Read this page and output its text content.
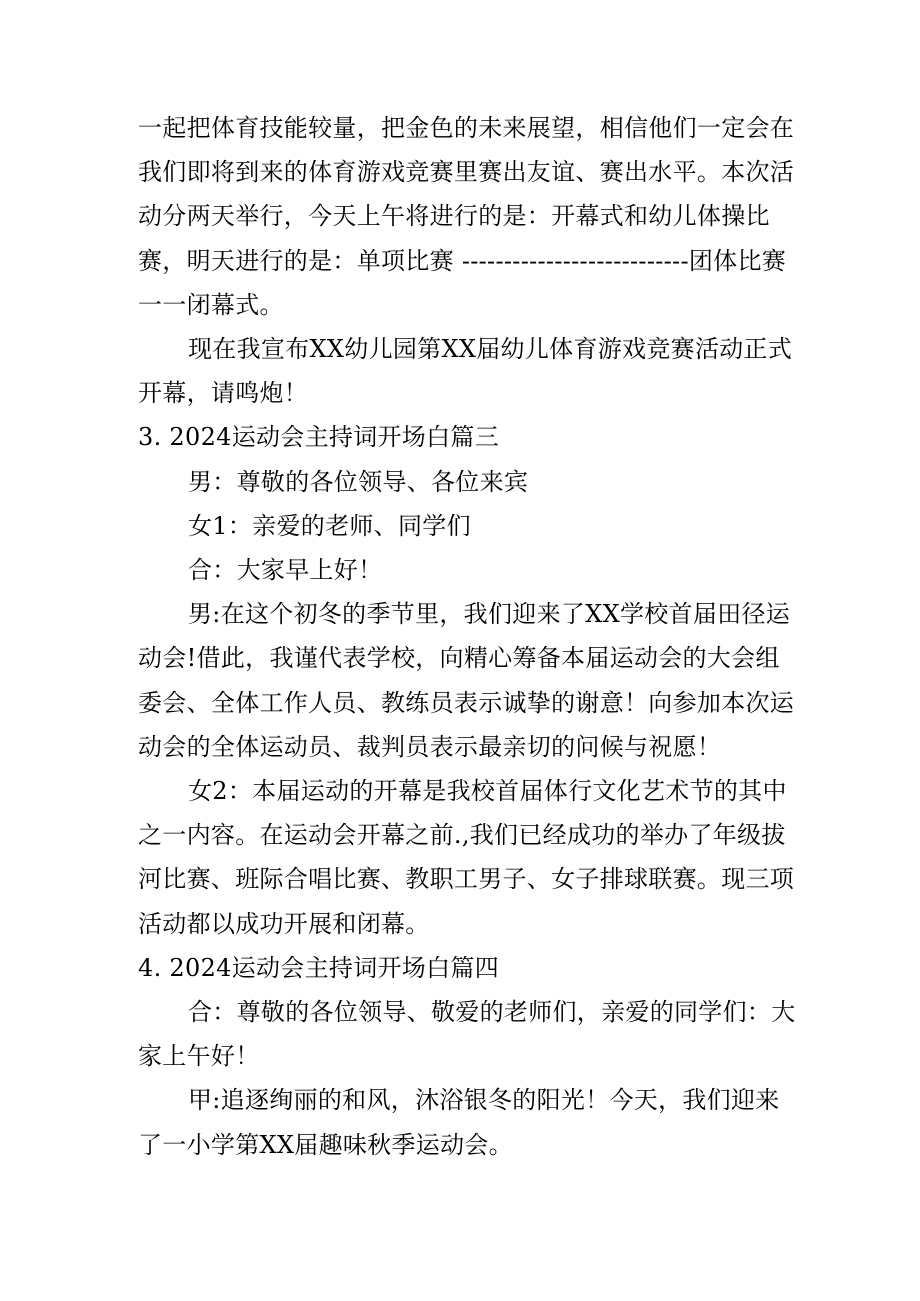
一起把体育技能较量，把金色的未来展望，相信他们一定会在我们即将到来的体育游戏竞赛里赛出友谊、赛出水平。本次活动分两天举行，今天上午将进行的是：开幕式和幼儿体操比赛，明天进行的是：单项比赛 ---------------------------团体比赛一一闭幕式。

现在我宣布XX幼儿园第XX届幼儿体育游戏竞赛活动正式开幕，请鸣炮！

3. 2024运动会主持词开场白篇三

男：尊敬的各位领导、各位来宾

女1：亲爱的老师、同学们

合：大家早上好！

男:在这个初冬的季节里，我们迎来了XX学校首届田径运动会!借此，我谨代表学校，向精心筹备本届运动会的大会组委会、全体工作人员、教练员表示诚挚的谢意！向参加本次运动会的全体运动员、裁判员表示最亲切的问候与祝愿！

女2：本届运动的开幕是我校首届体行文化艺术节的其中之一内容。在运动会开幕之前.,我们已经成功的举办了年级拔河比赛、班际合唱比赛、教职工男子、女子排球联赛。现三项活动都以成功开展和闭幕。

4. 2024运动会主持词开场白篇四

合：尊敬的各位领导、敬爱的老师们，亲爱的同学们：大家上午好！

甲:追逐绚丽的和风，沐浴银冬的阳光！今天，我们迎来了一小学第XX届趣味秋季运动会。
